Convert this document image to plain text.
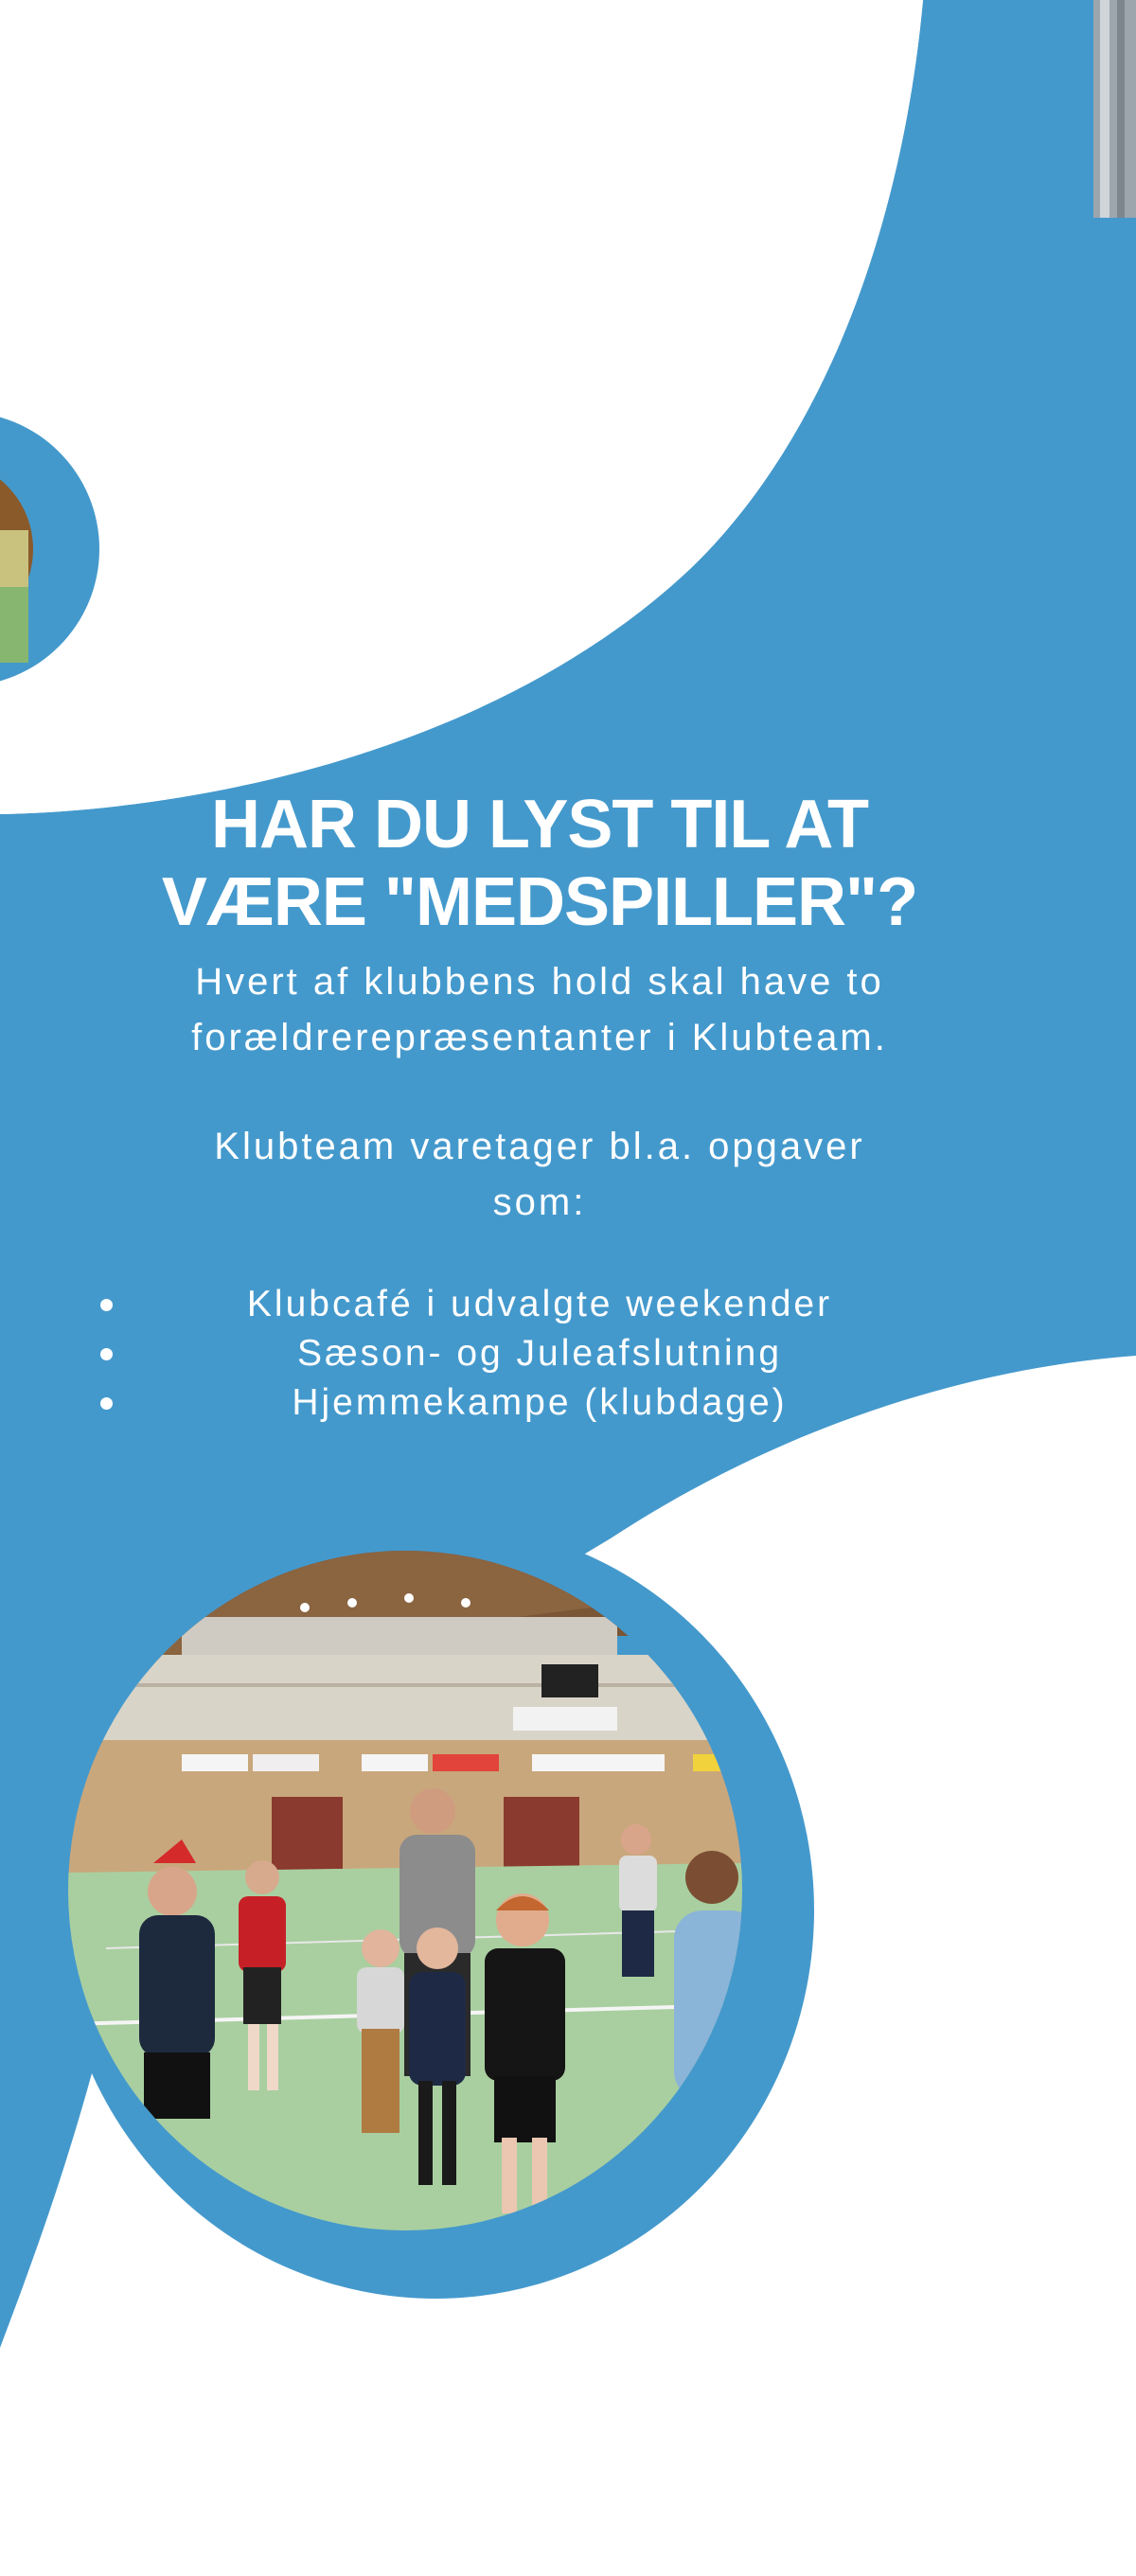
HAR DU LYST TIL AT
VÆRE "MEDSPILLER"?

Hvert af klubbens hold skal have to
forældrerepræsentanter i Klubteam.

Klubteam varetager bl.a. opgaver
som:

Klubcafé i udvalgte weekender
Sæson- og Juleafslutning
Hjemmekampe (klubdage)
